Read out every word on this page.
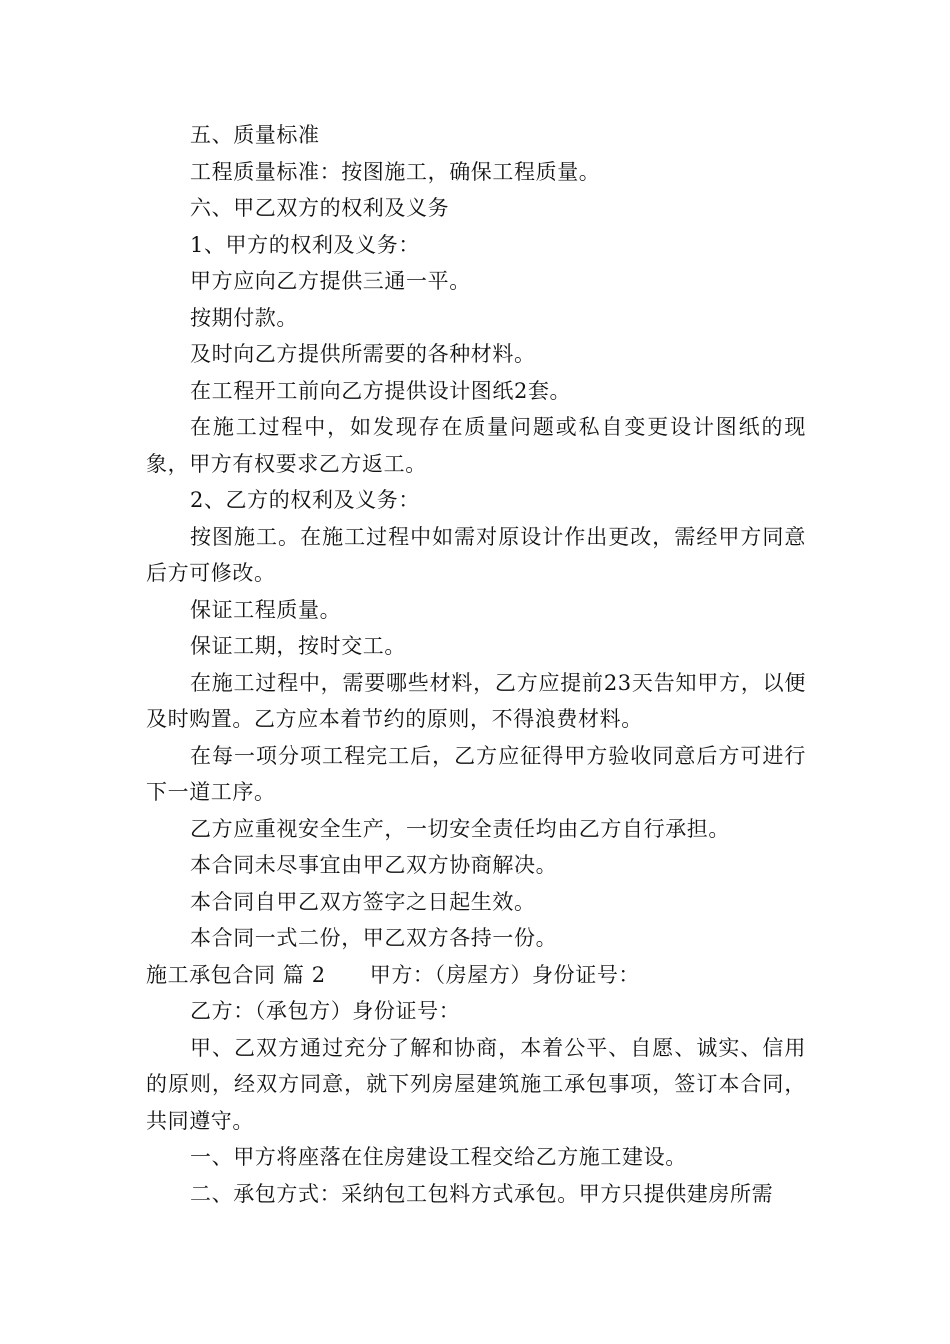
五、质量标准

工程质量标准：按图施工，确保工程质量。

六、甲乙双方的权利及义务

1、甲方的权利及义务：

甲方应向乙方提供三通一平。

按期付款。

及时向乙方提供所需要的各种材料。

在工程开工前向乙方提供设计图纸2套。

在施工过程中，如发现存在质量问题或私自变更设计图纸的现象，甲方有权要求乙方返工。

2、乙方的权利及义务：

按图施工。在施工过程中如需对原设计作出更改，需经甲方同意后方可修改。

保证工程质量。

保证工期，按时交工。

在施工过程中，需要哪些材料，乙方应提前23天告知甲方，以便及时购置。乙方应本着节约的原则，不得浪费材料。

在每一项分项工程完工后，乙方应征得甲方验收同意后方可进行下一道工序。

乙方应重视安全生产，一切安全责任均由乙方自行承担。

本合同未尽事宜由甲乙双方协商解决。

本合同自甲乙双方签字之日起生效。

本合同一式二份，甲乙双方各持一份。

施工承包合同 篇 2 甲方：（房屋方）身份证号：

乙方：（承包方）身份证号：

甲、乙双方通过充分了解和协商，本着公平、自愿、诚实、信用的原则，经双方同意，就下列房屋建筑施工承包事项，签订本合同，共同遵守。

一、甲方将座落在住房建设工程交给乙方施工建设。

二、承包方式：采纳包工包料方式承包。甲方只提供建房所需
